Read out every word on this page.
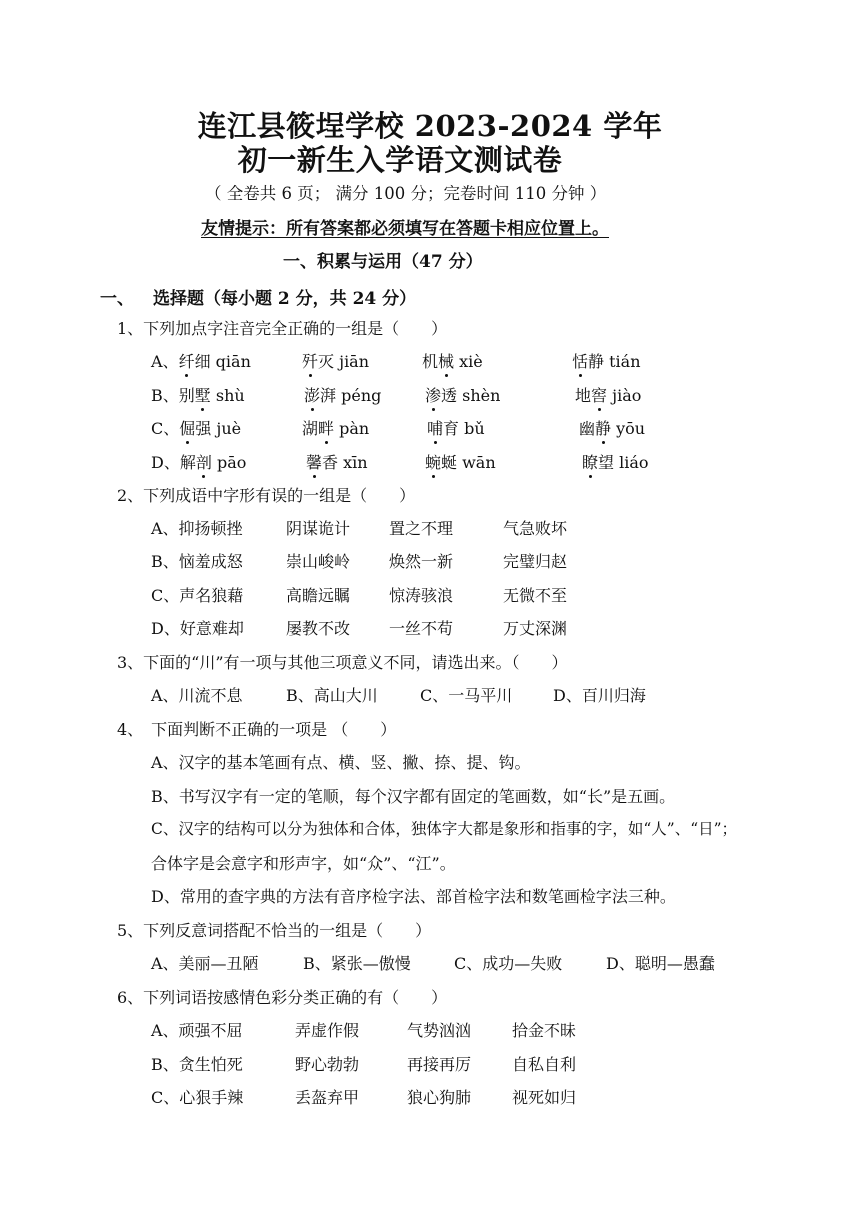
连江县筱埕学校 2023-2024 学年
初一新生入学语文测试卷
（ 全卷共 6 页； 满分 100 分；完卷时间 110 分钟 ）
友情提示：所有答案都必须填写在答题卡相应位置上。
一、积累与运用（47 分）
一、 选择题（每小题 2 分，共 24 分）
1、下列加点字注音完全正确的一组是（　　）
A、纤细 qiān	歼灭 jiān	机械 xiè	恬静 tián
B、别墅 shù	澎湃 péng	渗透 shèn	地窖 jiào
C、倔强 juè	湖畔 pàn	哺育 bǔ	幽静 yōu
D、解剖 pāo	馨香 xīn	蜿蜒 wān	瞭望 liáo
2、下列成语中字形有误的一组是（　　）
A、抑扬顿挫	阴谋诡计 置之不理	气急败坏
B、恼羞成怒	崇山峻岭 焕然一新	完璧归赵
C、声名狼藉	高瞻远瞩 惊涛骇浪	无微不至
D、好意难却	屡教不改 一丝不苟	万丈深渊
3、下面的“川”有一项与其他三项意义不同，请选出来。（　　）
A、川流不息	B、高山大川	C、一马平川	D、百川归海
4、　下面判断不正确的一项是 （　　）
A、汉字的基本笔画有点、横、竖、撇、捺、提、钩。
B、书写汉字有一定的笔顺，每个汉字都有固定的笔画数，如“长”是五画。
C、汉字的结构可以分为独体和合体，独体字大都是象形和指事的字，如“人”、“日”；
合体字是会意字和形声字，如“众”、“江”。
D、常用的查字典的方法有音序检字法、部首检字法和数笔画检字法三种。
5、下列反意词搭配不恰当的一组是（　　）
A、美丽—丑陋	B、紧张—傲慢	C、成功—失败	D、聪明—愚蠢
6、下列词语按感情色彩分类正确的有（　　）
A、顽强不屈	弄虚作假	气势汹汹	拾金不昧
B、贪生怕死	野心勃勃	再接再厉	自私自利
C、心狠手辣	丢盔弃甲	狼心狗肺	视死如归
